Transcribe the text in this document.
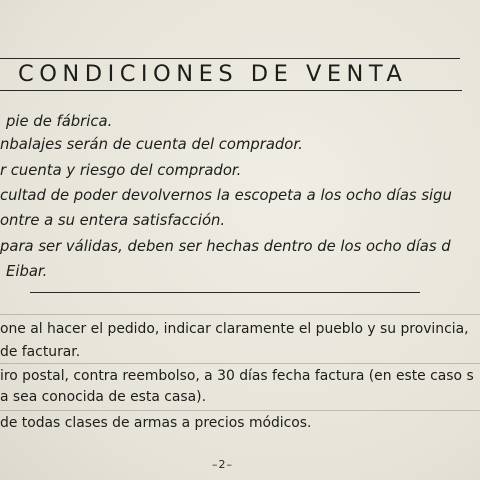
CONDICIONES DE VENTA
pie de fábrica.
nbalajes serán de cuenta del comprador.
r cuenta y riesgo del comprador.
cultad de poder devolvernos la escopeta a los ocho días sigu
ontre a su entera satisfacción.
para ser válidas, deben ser hechas dentro de los ocho días d
Eibar.
one al hacer el pedido, indicar claramente el pueblo y su provincia,
de facturar.
iro postal, contra reembolso, a 30 días fecha factura (en este caso s
a sea conocida de esta casa).
de todas clases de armas a precios módicos.
–2–
